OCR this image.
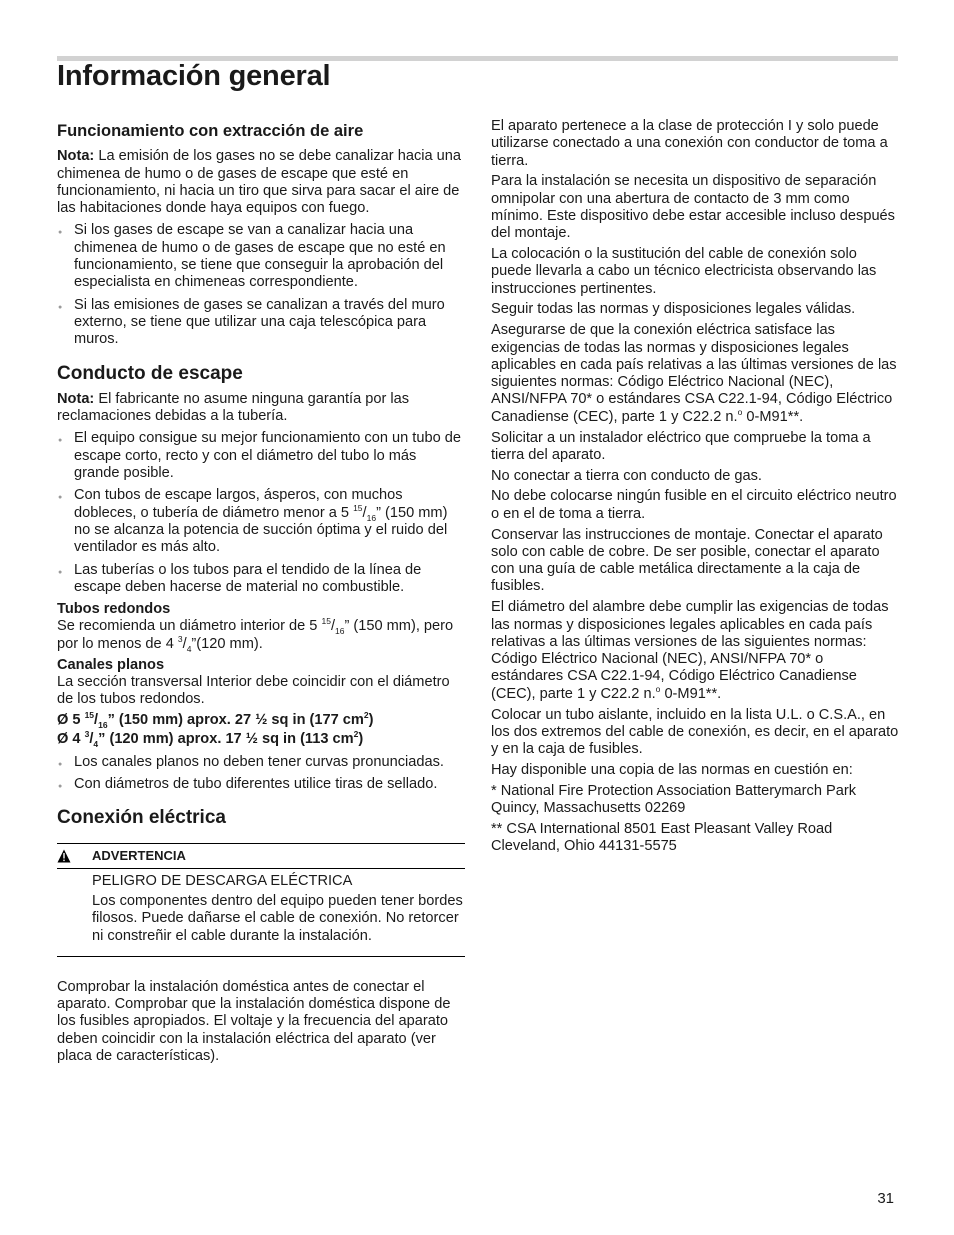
Información general
Funcionamiento con extracción de aire

Nota: La emisión de los gases no se debe canalizar hacia una chimenea de humo o de gases de escape que esté en funcionamiento, ni hacia un tiro que sirva para sacar el aire de las habitaciones donde haya equipos con fuego.

● Si los gases de escape se van a canalizar hacia una chimenea de humo o de gases de escape que no esté en funcionamiento, se tiene que conseguir la aprobación del especialista en chimeneas correspondiente.
● Si las emisiones de gases se canalizan a través del muro externo, se tiene que utilizar una caja telescópica para muros.
Conducto de escape

Nota: El fabricante no asume ninguna garantía por las reclamaciones debidas a la tubería.

● El equipo consigue su mejor funcionamiento con un tubo de escape corto, recto y con el diámetro del tubo lo más grande posible.
● Con tubos de escape largos, ásperos, con muchos dobleces, o tubería de diámetro menor a 5 $^{15}/_{16}$” (150 mm) no se alcanza la potencia de succión óptima y el ruido del ventilador es más alto.
● Las tuberías o los tubos para el tendido de la línea de escape deben hacerse de material no combustible.
Tubos redondos

Se recomienda un diámetro interior de 5 $^{15}/_{16}$” (150 mm), pero por lo menos de 4 $^3/_4”(120$ mm).

Canales planos

La sección transversal Interior debe coincidir con el diámetro de los tubos redondos.

Ø 5 $^{15}/_{16}$” (150 mm) aprox. 27 ½ sq in (177 $cm^2$)

Ø 4 $^3/_4$” (120 mm) aprox. 17 ½ sq in (113 $cm^2$)

● Los canales planos no deben tener curvas pronunciadas.
● Con diámetros de tubo diferentes utilice tiras de sellado.
Conexión eléctrica
ADVERTENCIA

PELIGRO DE DESCARGA ELÉCTRICA

Los componentes dentro del equipo pueden tener bordes filosos. Puede dañarse el cable de conexión. No retorcer ni constreñir el cable durante la instalación.

Comprobar la instalación doméstica antes de conectar el aparato. Comprobar que la instalación doméstica dispone de los fusibles apropiados. El voltaje y la frecuencia del aparato deben coincidir con la instalación eléctrica del aparato (ver placa de características).

El aparato pertenece a la clase de protección I y solo puede utilizarse conectado a una conexión con conductor de toma a tierra.

Para la instalación se necesita un dispositivo de separación omnipolar con una abertura de contacto de 3 mm como mínimo. Este dispositivo debe estar accesible incluso después del montaje.

La colocación o la sustitución del cable de conexión solo puede llevarla a cabo un técnico electricista observando las instrucciones pertinentes.

Seguir todas las normas y disposiciones legales válidas.

Asegurarse de que la conexión eléctrica satisface las exigencias de todas las normas y disposiciones legales aplicables en cada país relativas a las últimas versiones de las siguientes normas: Código Eléctrico Nacional (NEC), ANSI/NFPA 70* o estándares CSA C22.1-94, Código Eléctrico Canadiense (CEC), parte 1 y C22.2 n.$^o$ 0-M91**.

Solicitar a un instalador eléctrico que compruebe la toma a tierra del aparato.

No conectar a tierra con conducto de gas.

No debe colocarse ningún fusible en el circuito eléctrico neutro o en el de toma a tierra.

Conservar las instrucciones de montaje. Conectar el aparato solo con cable de cobre. De ser posible, conectar el aparato con una guía de cable metálica directamente a la caja de fusibles.

El diámetro del alambre debe cumplir las exigencias de todas las normas y disposiciones legales aplicables en cada país relativas a las últimas versiones de las siguientes normas: Código Eléctrico Nacional (NEC), ANSI/NFPA 70* o estándares CSA C22.1-94, Código Eléctrico Canadiense (CEC), parte 1 y C22.2 n.$^o$ 0-M91**.

Colocar un tubo aislante, incluido en la lista U.L. o C.S.A., en los dos extremos del cable de conexión, es decir, en el aparato y en la caja de fusibles.

Hay disponible una copia de las normas en cuestión en:

* National Fire Protection Association Batterymarch Park
Quincy, Massachusetts 02269

** CSA International 8501 East Pleasant Valley Road
Cleveland, Ohio 44131-5575

31
